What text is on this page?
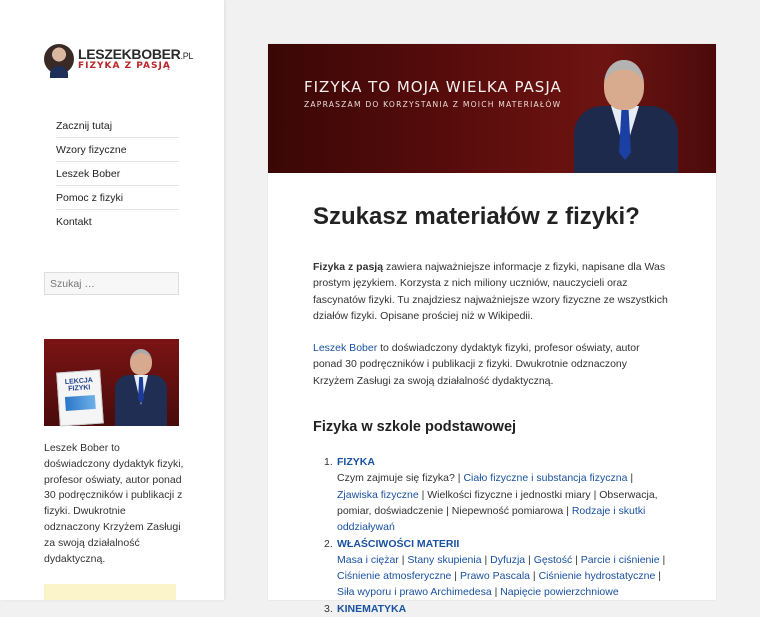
LESZEKBOBER.PL
FIZYKA Z PASJĄ
Zacznij tutaj
Wzory fizyczne
Leszek Bober
Pomoc z fizyki
Kontakt
Szukaj …
LEKCJA
FIZYKI
Leszek Bober to doświadczony dydaktyk fizyki, profesor oświaty, autor ponad 30 podręczników i publikacji z fizyki. Dwukrotnie odznaczony Krzyżem Zasługi za swoją działalność dydaktyczną.
FIZYKA TO MOJA WIELKA PASJA
ZAPRASZAM DO KORZYSTANIA Z MOICH MATERIAŁÓW
Szukasz materiałów z fizyki?

Fizyka z pasją zawiera najważniejsze informacje z fizyki, napisane dla Was prostym językiem. Korzysta z nich miliony uczniów, nauczycieli oraz fascynatów fizyki. Tu znajdziesz najważniejsze wzory fizyczne ze wszystkich działów fizyki. Opisane prościej niż w Wikipedii.

Leszek Bober to doświadczony dydaktyk fizyki, profesor oświaty, autor ponad 30 podręczników i publikacji z fizyki. Dwukrotnie odznaczony Krzyżem Zasługi za swoją działalność dydaktyczną.

Fizyka w szkole podstawowej
1. FIZYKA
Czym zajmuje się fizyka? | Ciało fizyczne i substancja fizyczna | Zjawiska fizyczne | Wielkości fizyczne i jednostki miary | Obserwacja, pomiar, doświadczenie | Niepewność pomiarowa | Rodzaje i skutki oddziaływań
2. WŁAŚCIWOŚCI MATERII
Masa i ciężar | Stany skupienia | Dyfuzja | Gęstość | Parcie i ciśnienie | Ciśnienie atmosferyczne | Prawo Pascala | Ciśnienie hydrostatyczne | Siła wyporu i prawo Archimedesa | Napięcie powierzchniowe
3. KINEMATYKA
